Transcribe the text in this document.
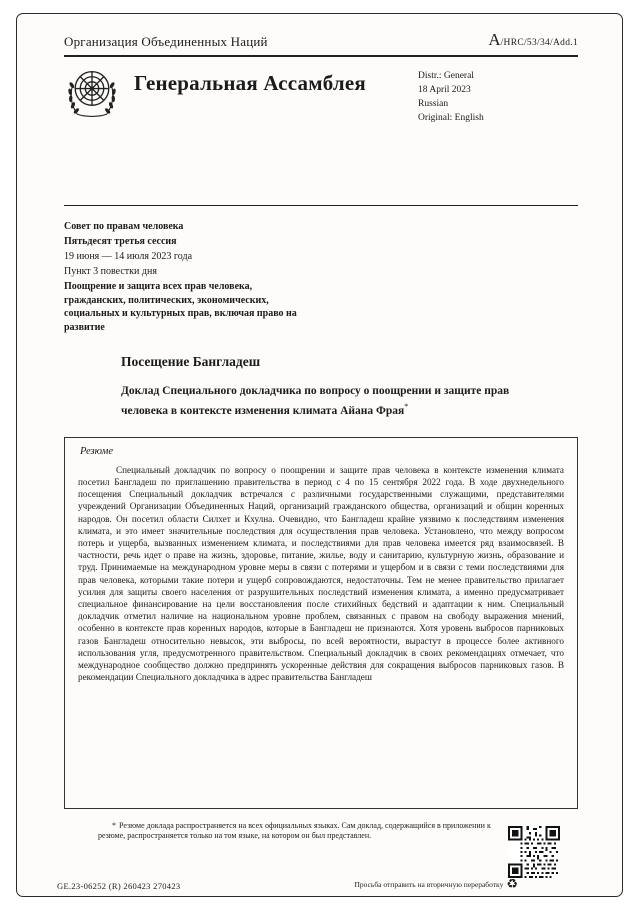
Организация Объединенных Наций	A/HRC/53/34/Add.1
Генеральная Ассамблея	Distr.: General
18 April 2023
Russian
Original: English
Совет по правам человека
Пятьдесят третья сессия
19 июня — 14 июля 2023 года
Пункт 3 повестки дня
Поощрение и защита всех прав человека, гражданских, политических, экономических, социальных и культурных прав, включая право на развитие
Посещение Бангладеш
Доклад Специального докладчика по вопросу о поощрении и защите прав человека в контексте изменения климата Айана Фрая*
Резюме

Специальный докладчик по вопросу о поощрении и защите прав человека в контексте изменения климата посетил Бангладеш по приглашению правительства в период с 4 по 15 сентября 2022 года. В ходе двухнедельного посещения Специальный докладчик встречался с различными государственными служащими, представителями учреждений Организации Объединенных Наций, организаций гражданского общества, организаций и общин коренных народов. Он посетил области Силхет и Кхулна. Очевидно, что Бангладеш крайне уязвимо к последствиям изменения климата, и это имеет значительные последствия для осуществления прав человека. Установлено, что между вопросом потерь и ущерба, вызванных изменением климата, и последствиями для прав человека имеется ряд взаимосвязей. В частности, речь идет о праве на жизнь, здоровье, питание, жилье, воду и санитарию, культурную жизнь, образование и труд. Принимаемые на международном уровне меры в связи с потерями и ущербом и в связи с теми последствиями для прав человека, которыми такие потери и ущерб сопровождаются, недостаточны. Тем не менее правительство прилагает усилия для защиты своего населения от разрушительных последствий изменения климата, а именно предусматривает специальное финансирование на цели восстановления после стихийных бедствий и адаптации к ним. Специальный докладчик отметил наличие на национальном уровне проблем, связанных с правом на свободу выражения мнений, особенно в контексте прав коренных народов, которые в Бангладеш не признаются. Хотя уровень выбросов парниковых газов Бангладеш относительно невысок, эти выбросы, по всей вероятности, вырастут в процессе более активного использования угля, предусмотренного правительством. Специальный докладчик в своих рекомендациях отмечает, что международное сообщество должно предпринять ускоренные действия для сокращения выбросов парниковых газов. В рекомендации Специального докладчика в адрес правительства Бангладеш

* Резюме доклада распространяется на всех официальных языках. Сам доклад, содержащийся в приложении к резюме, распространяется только на том языке, на котором он был представлен.
GE.23-06252 (R) 260423 270423	Просьба отправить на вторичную переработку ♻
